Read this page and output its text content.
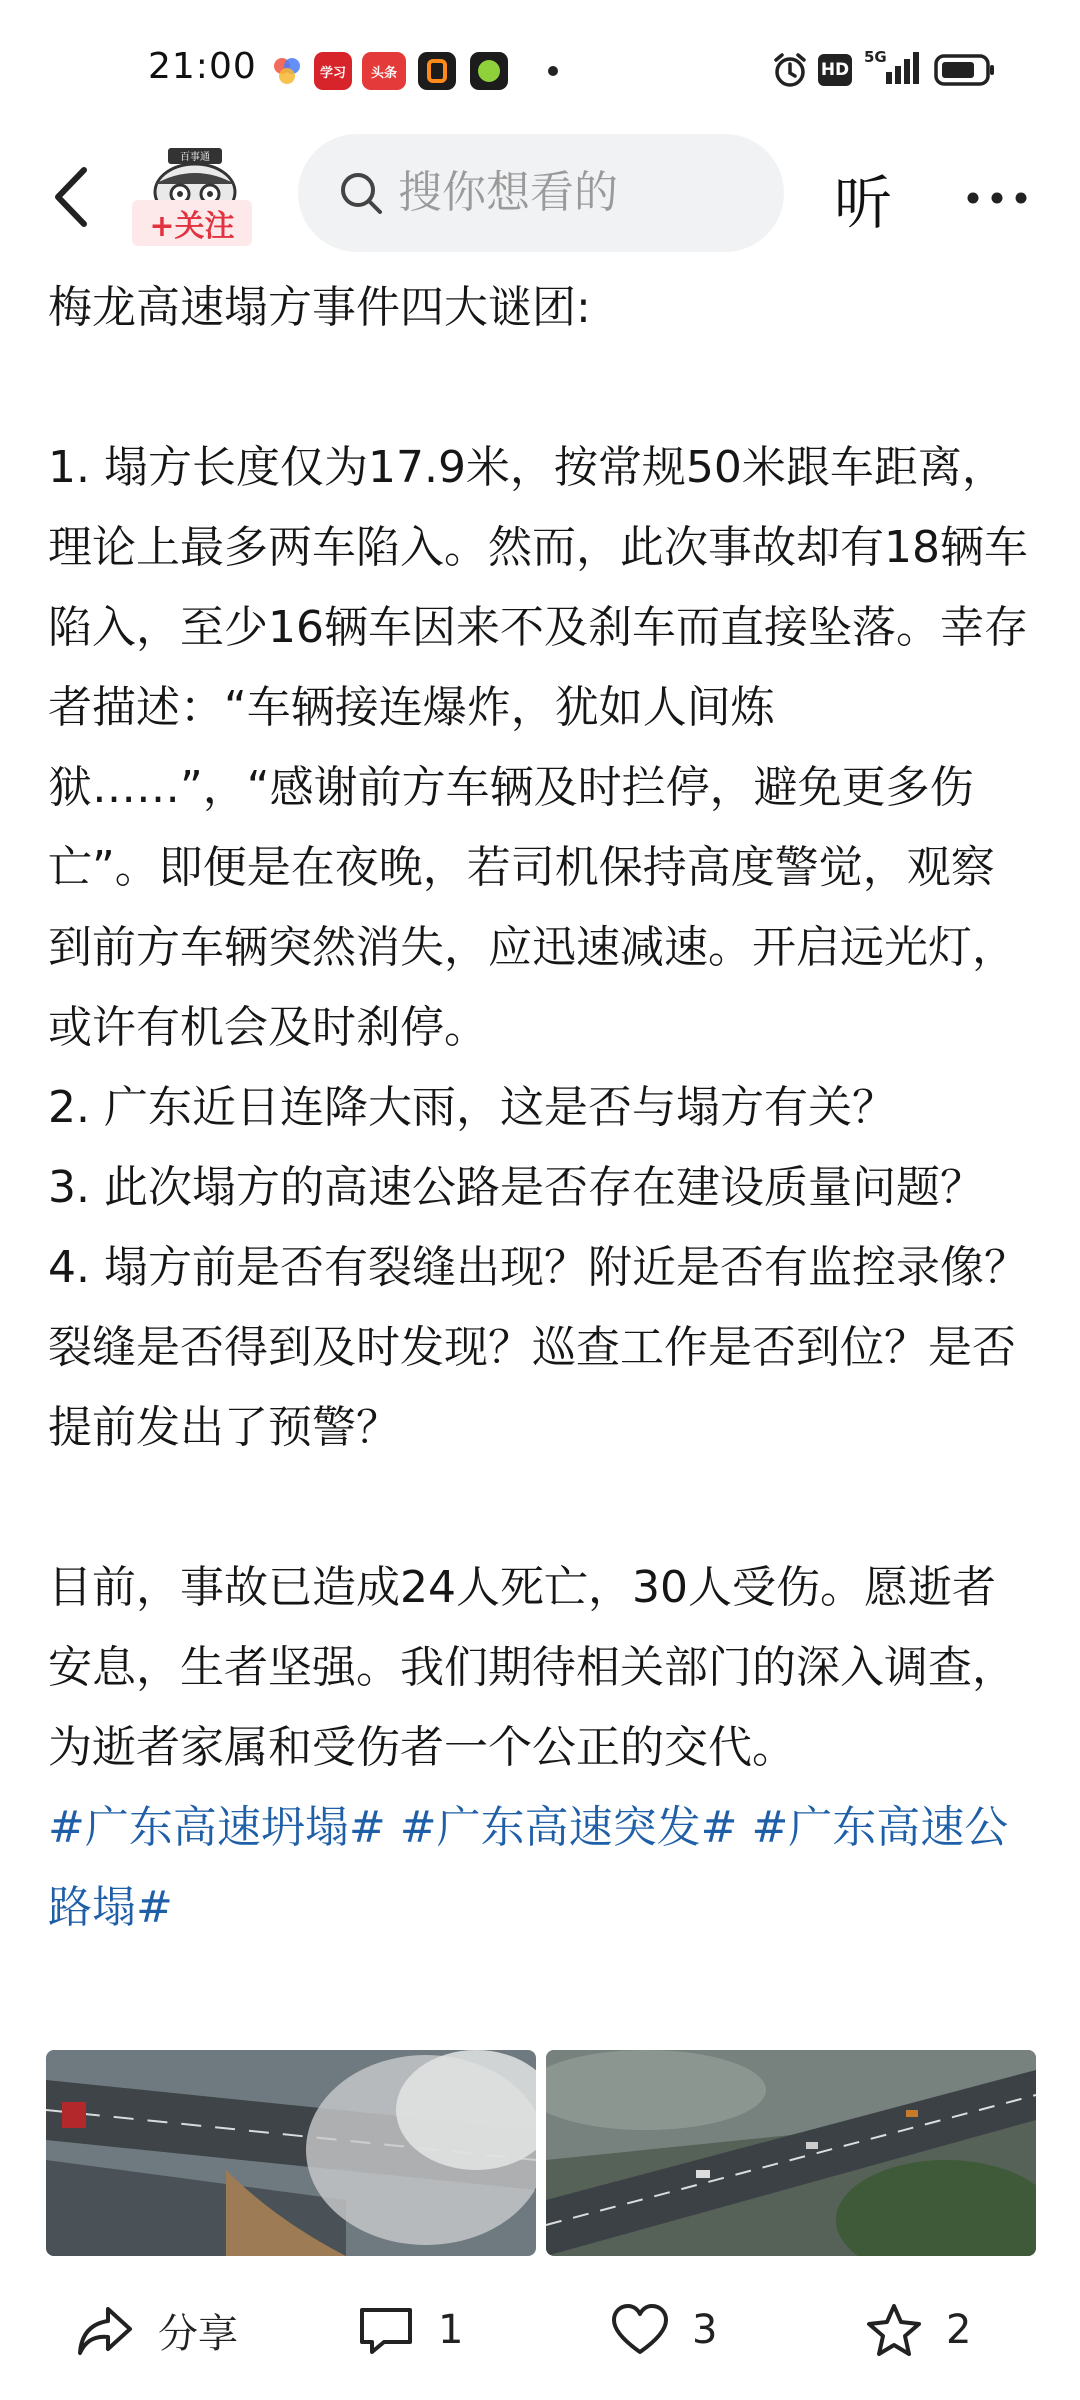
21:00	学习	头条	HD
5G
百事通
+关注
搜你想看的	听

梅龙高速塌方事件四大谜团:

1. 塌方长度仅为17.9米，按常规50米跟车距离，理论上最多两车陷入。然而，此次事故却有18辆车陷入，至少16辆车因来不及刹车而直接坠落。幸存者描述：“车辆接连爆炸，犹如人间炼狱……”，“感谢前方车辆及时拦停，避免更多伤亡”。即便是在夜晚，若司机保持高度警觉，观察到前方车辆突然消失，应迅速减速。开启远光灯，或许有机会及时刹停。

2. 广东近日连降大雨，这是否与塌方有关？

3. 此次塌方的高速公路是否存在建设质量问题？

4. 塌方前是否有裂缝出现？附近是否有监控录像？裂缝是否得到及时发现？巡查工作是否到位？是否提前发出了预警？

目前，事故已造成24人死亡，30人受伤。愿逝者安息，生者坚强。我们期待相关部门的深入调查，为逝者家属和受伤者一个公正的交代。

#广东高速坍塌# #广东高速突发# #广东高速公路塌#

分享	1	3	2
